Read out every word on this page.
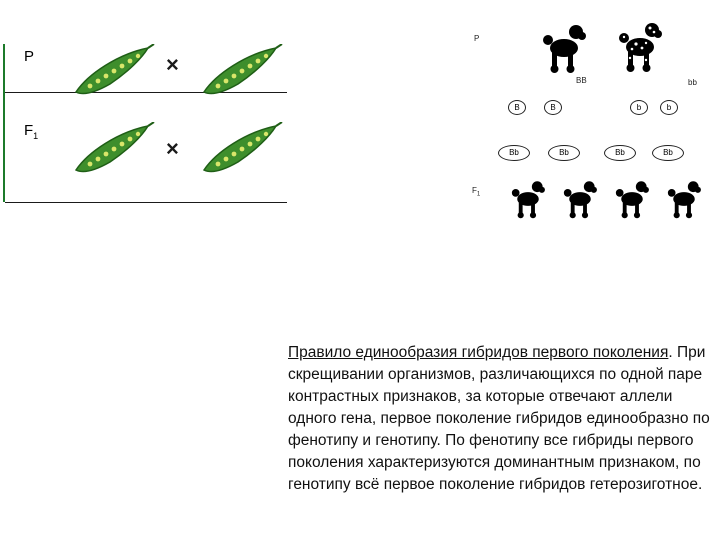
P
$F_1$
×
×
P
$F_1$
BB	bb
B	B	b	b
Bb	Bb	Bb	Bb
Правило единообразия гибридов первого поколения. При скрещивании организмов, различающихся по одной паре контрастных признаков, за которые отвечают аллели одного гена, первое поколение гибридов единообразно по фенотипу и генотипу. По фенотипу все гибриды первого поколения характеризуются доминантным признаком, по генотипу всё первое поколение гибридов гетерозиготное.
